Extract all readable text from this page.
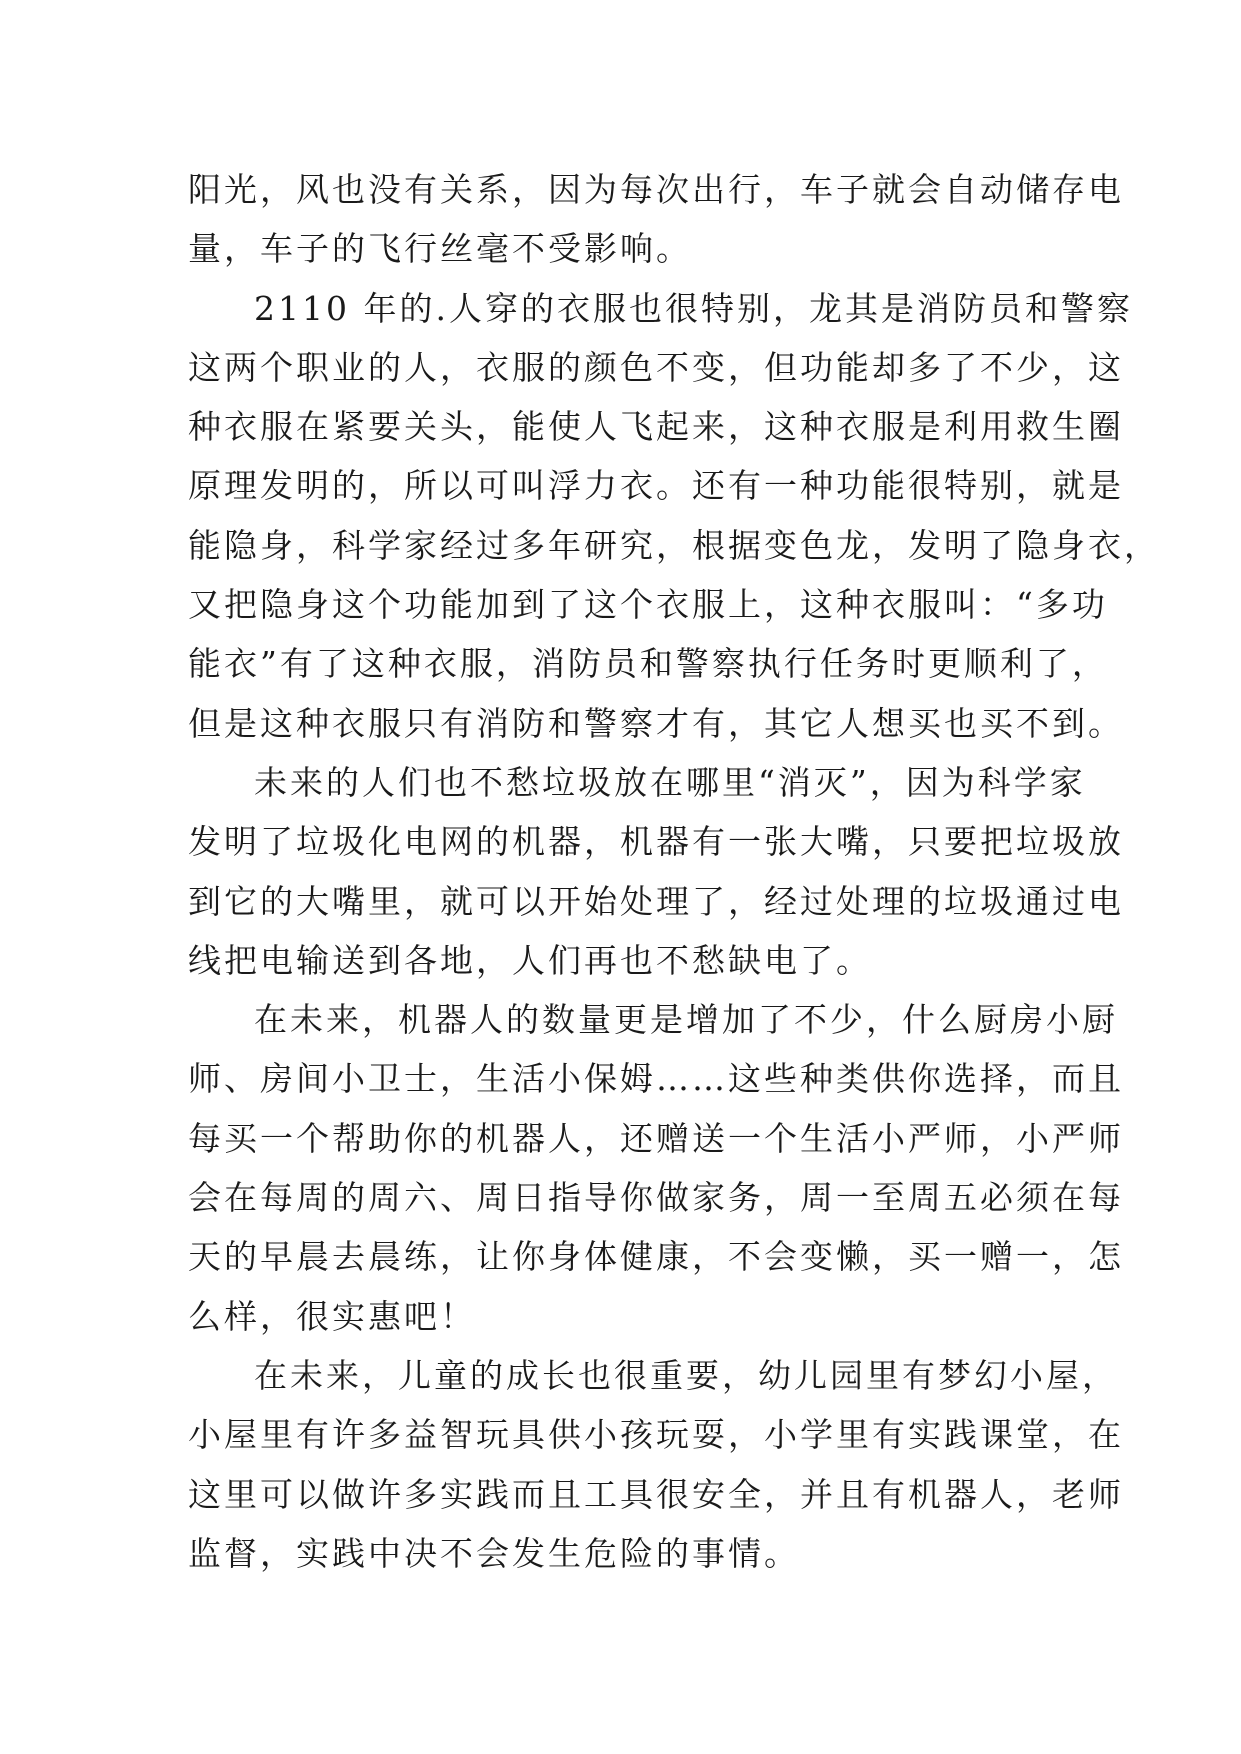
阳光，风也没有关系，因为每次出行，车子就会自动储存电
量，车子的飞行丝毫不受影响。
2110 年的.人穿的衣服也很特别，龙其是消防员和警察
这两个职业的人，衣服的颜色不变，但功能却多了不少，这
种衣服在紧要关头，能使人飞起来，这种衣服是利用救生圈
原理发明的，所以可叫浮力衣。还有一种功能很特别，就是
能隐身，科学家经过多年研究，根据变色龙，发明了隐身衣，
又把隐身这个功能加到了这个衣服上，这种衣服叫：“多功
能衣”有了这种衣服，消防员和警察执行任务时更顺利了，
但是这种衣服只有消防和警察才有，其它人想买也买不到。
未来的人们也不愁垃圾放在哪里“消灭”，因为科学家
发明了垃圾化电网的机器，机器有一张大嘴，只要把垃圾放
到它的大嘴里，就可以开始处理了，经过处理的垃圾通过电
线把电输送到各地，人们再也不愁缺电了。
在未来，机器人的数量更是增加了不少，什么厨房小厨
师、房间小卫士，生活小保姆……这些种类供你选择，而且
每买一个帮助你的机器人，还赠送一个生活小严师，小严师
会在每周的周六、周日指导你做家务，周一至周五必须在每
天的早晨去晨练，让你身体健康，不会变懒，买一赠一，怎
么样，很实惠吧！
在未来，儿童的成长也很重要，幼儿园里有梦幻小屋，
小屋里有许多益智玩具供小孩玩耍，小学里有实践课堂，在
这里可以做许多实践而且工具很安全，并且有机器人，老师
监督，实践中决不会发生危险的事情。
